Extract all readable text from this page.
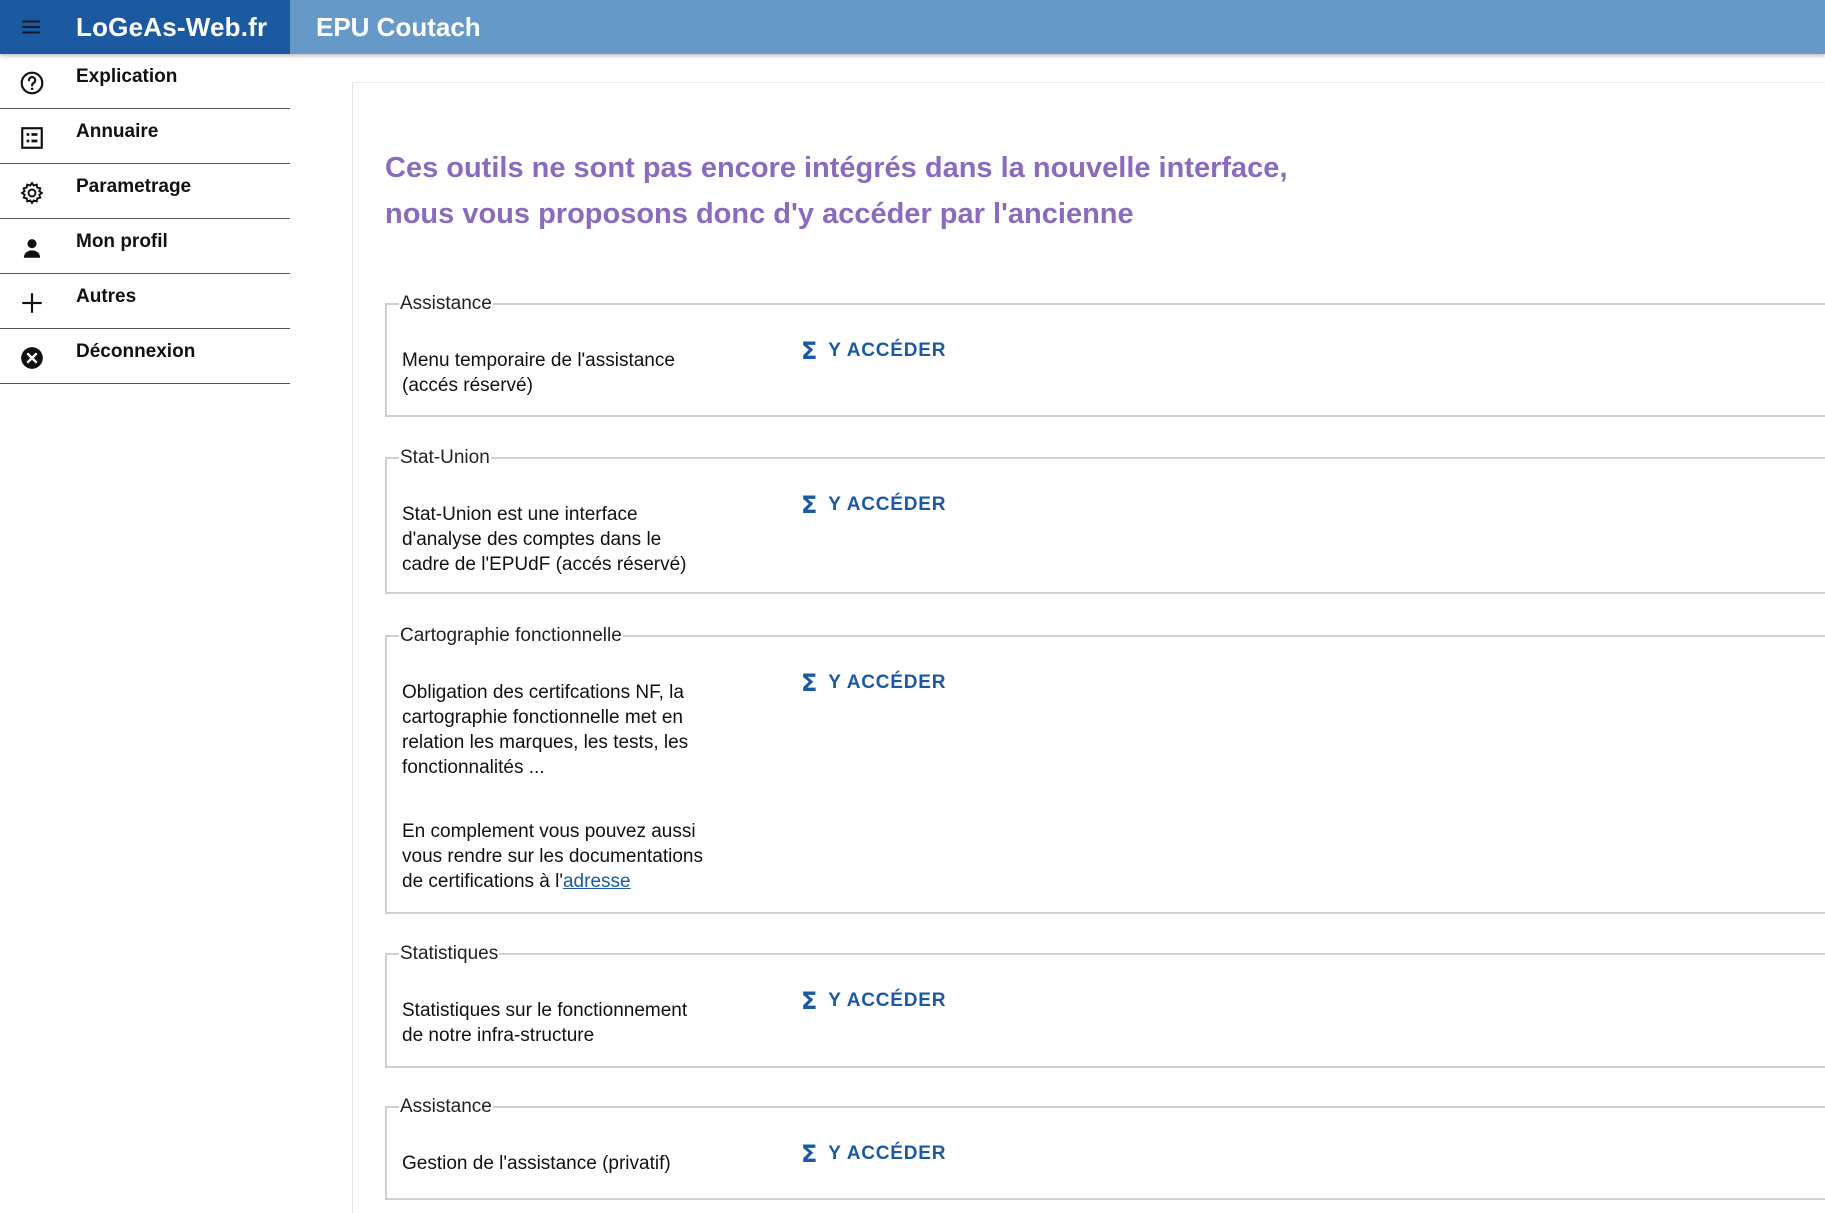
LoGeAs-Web.fr EPU Coutach
Explication
Annuaire
Parametrage
Mon profil
Autres
Déconnexion
Ces outils ne sont pas encore intégrés dans la nouvelle interface,
nous vous proposons donc d'y accéder par l'ancienne
Assistance

Menu temporaire de l'assistance (accés réservé)

Σ Y ACCÉDER
Stat-Union

Stat-Union est une interface d'analyse des comptes dans le cadre de l'EPUdF (accés réservé)

Σ Y ACCÉDER
Cartographie fonctionnelle

Obligation des certifcations NF, la cartographie fonctionnelle met en relation les marques, les tests, les fonctionnalités ...

En complement vous pouvez aussi vous rendre sur les documentations de certifications à l'adresse

Σ Y ACCÉDER
Statistiques

Statistiques sur le fonctionnement de notre infra-structure

Σ Y ACCÉDER
Assistance

Gestion de l'assistance (privatif)	Σ Y ACCÉDER
